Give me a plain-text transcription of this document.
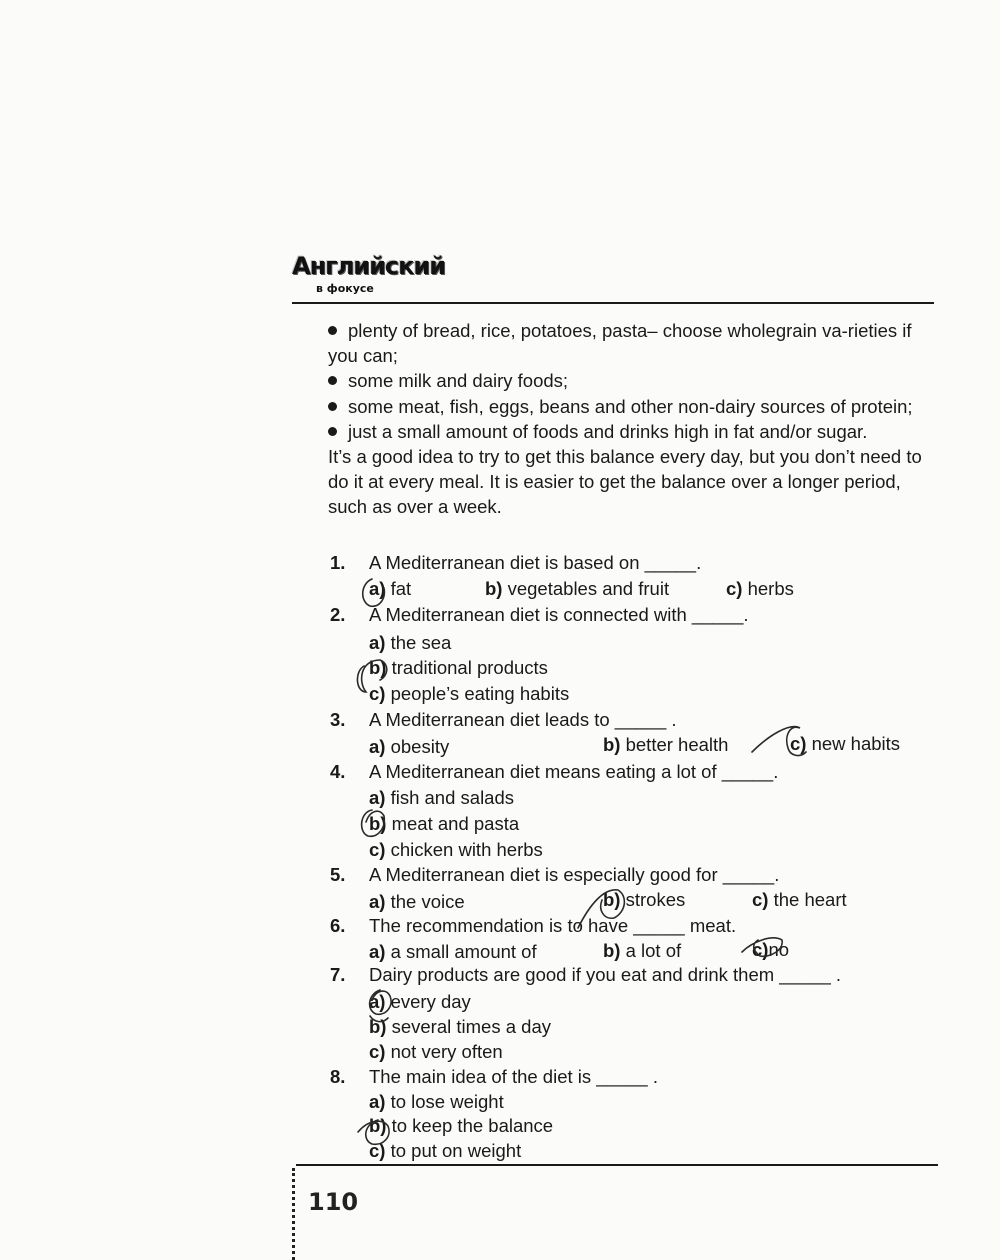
Английский
в фокусе

plenty of bread, rice, potatoes, pasta– choose wholegrain va-rieties if you can;

some milk and dairy foods;

some meat, fish, eggs, beans and other non-dairy sources of protein;

just a small amount of foods and drinks high in fat and/or sugar.

It’s a good idea to try to get this balance every day, but you don’t need to do it at every meal. It is easier to get the balance over a longer period, such as over a week.

1. A Mediterranean diet is based on _____.
a) fat	b) vegetables and fruit	c) herbs
2. A Mediterranean diet is connected with _____.
a) the sea
b) traditional products
c) people’s eating habits
3. A Mediterranean diet leads to _____ .
a) obesity	b) better health	c) new habits
4. A Mediterranean diet means eating a lot of _____.
a) fish and salads
b) meat and pasta
c) chicken with herbs
5. A Mediterranean diet is especially good for _____.
a) the voice	b) strokes	c) the heart
6. The recommendation is to have _____ meat.
a) a small amount of	b) a lot of	c)no
7. Dairy products are good if you eat and drink them _____ .
a) every day
b) several times a day
c) not very often
8. The main idea of the diet is _____ .
a) to lose weight
b) to keep the balance
c) to put on weight
110
